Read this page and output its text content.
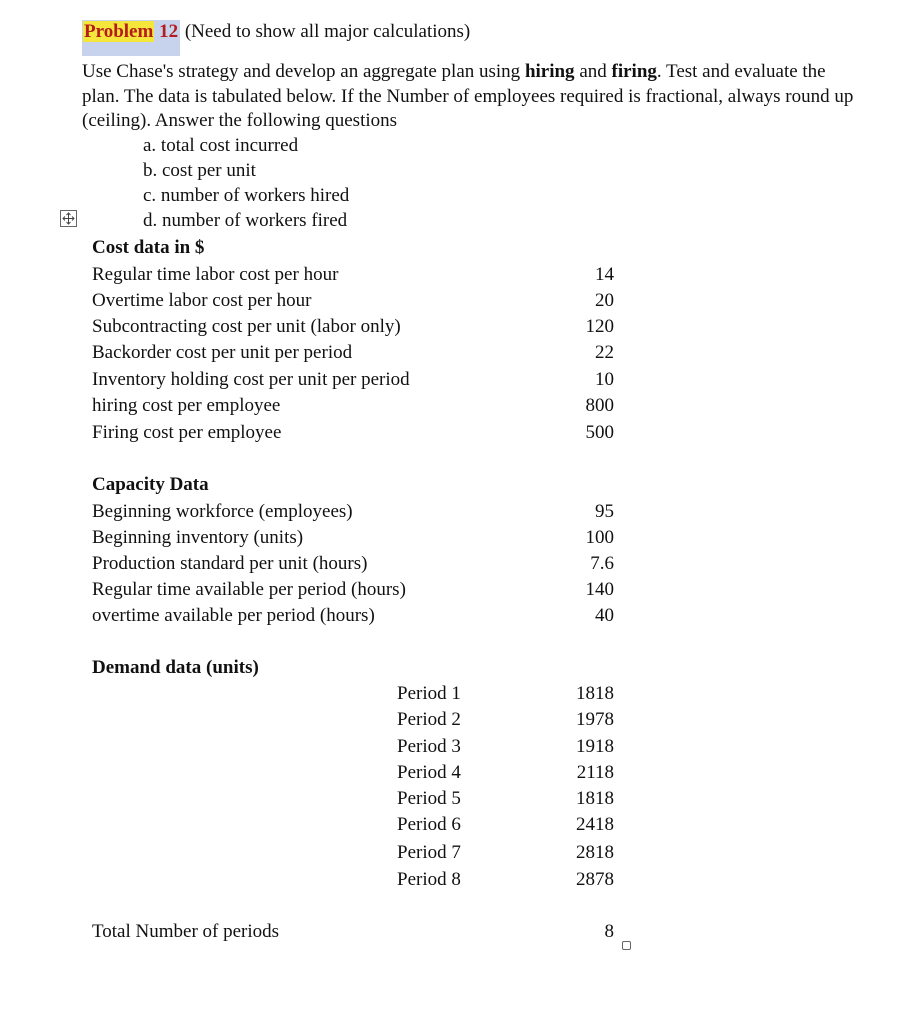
Problem 12 (Need to show all major calculations)
Use Chase's strategy and develop an aggregate plan using hiring and firing. Test and evaluate the plan. The data is tabulated below. If the Number of employees required is fractional, always round up (ceiling). Answer the following questions
a. total cost incurred
b. cost per unit
c. number of workers hired
d. number of workers fired
Cost data in $
Regular time labor cost per hour	14
Overtime labor cost per hour	20
Subcontracting cost per unit (labor only)	120
Backorder cost per unit per period	22
Inventory holding cost per unit per period	10
hiring cost per employee	800
Firing cost per employee	500
Capacity Data
Beginning workforce (employees)	95
Beginning inventory (units)	100
Production standard per unit (hours)	7.6
Regular time available per period (hours)	140
overtime available per period (hours)	40
Demand data (units)
Period 1	1818
Period 2	1978
Period 3	1918
Period 4	2118
Period 5	1818
Period 6	2418
Period 7	2818
Period 8	2878
Total Number of periods	8
